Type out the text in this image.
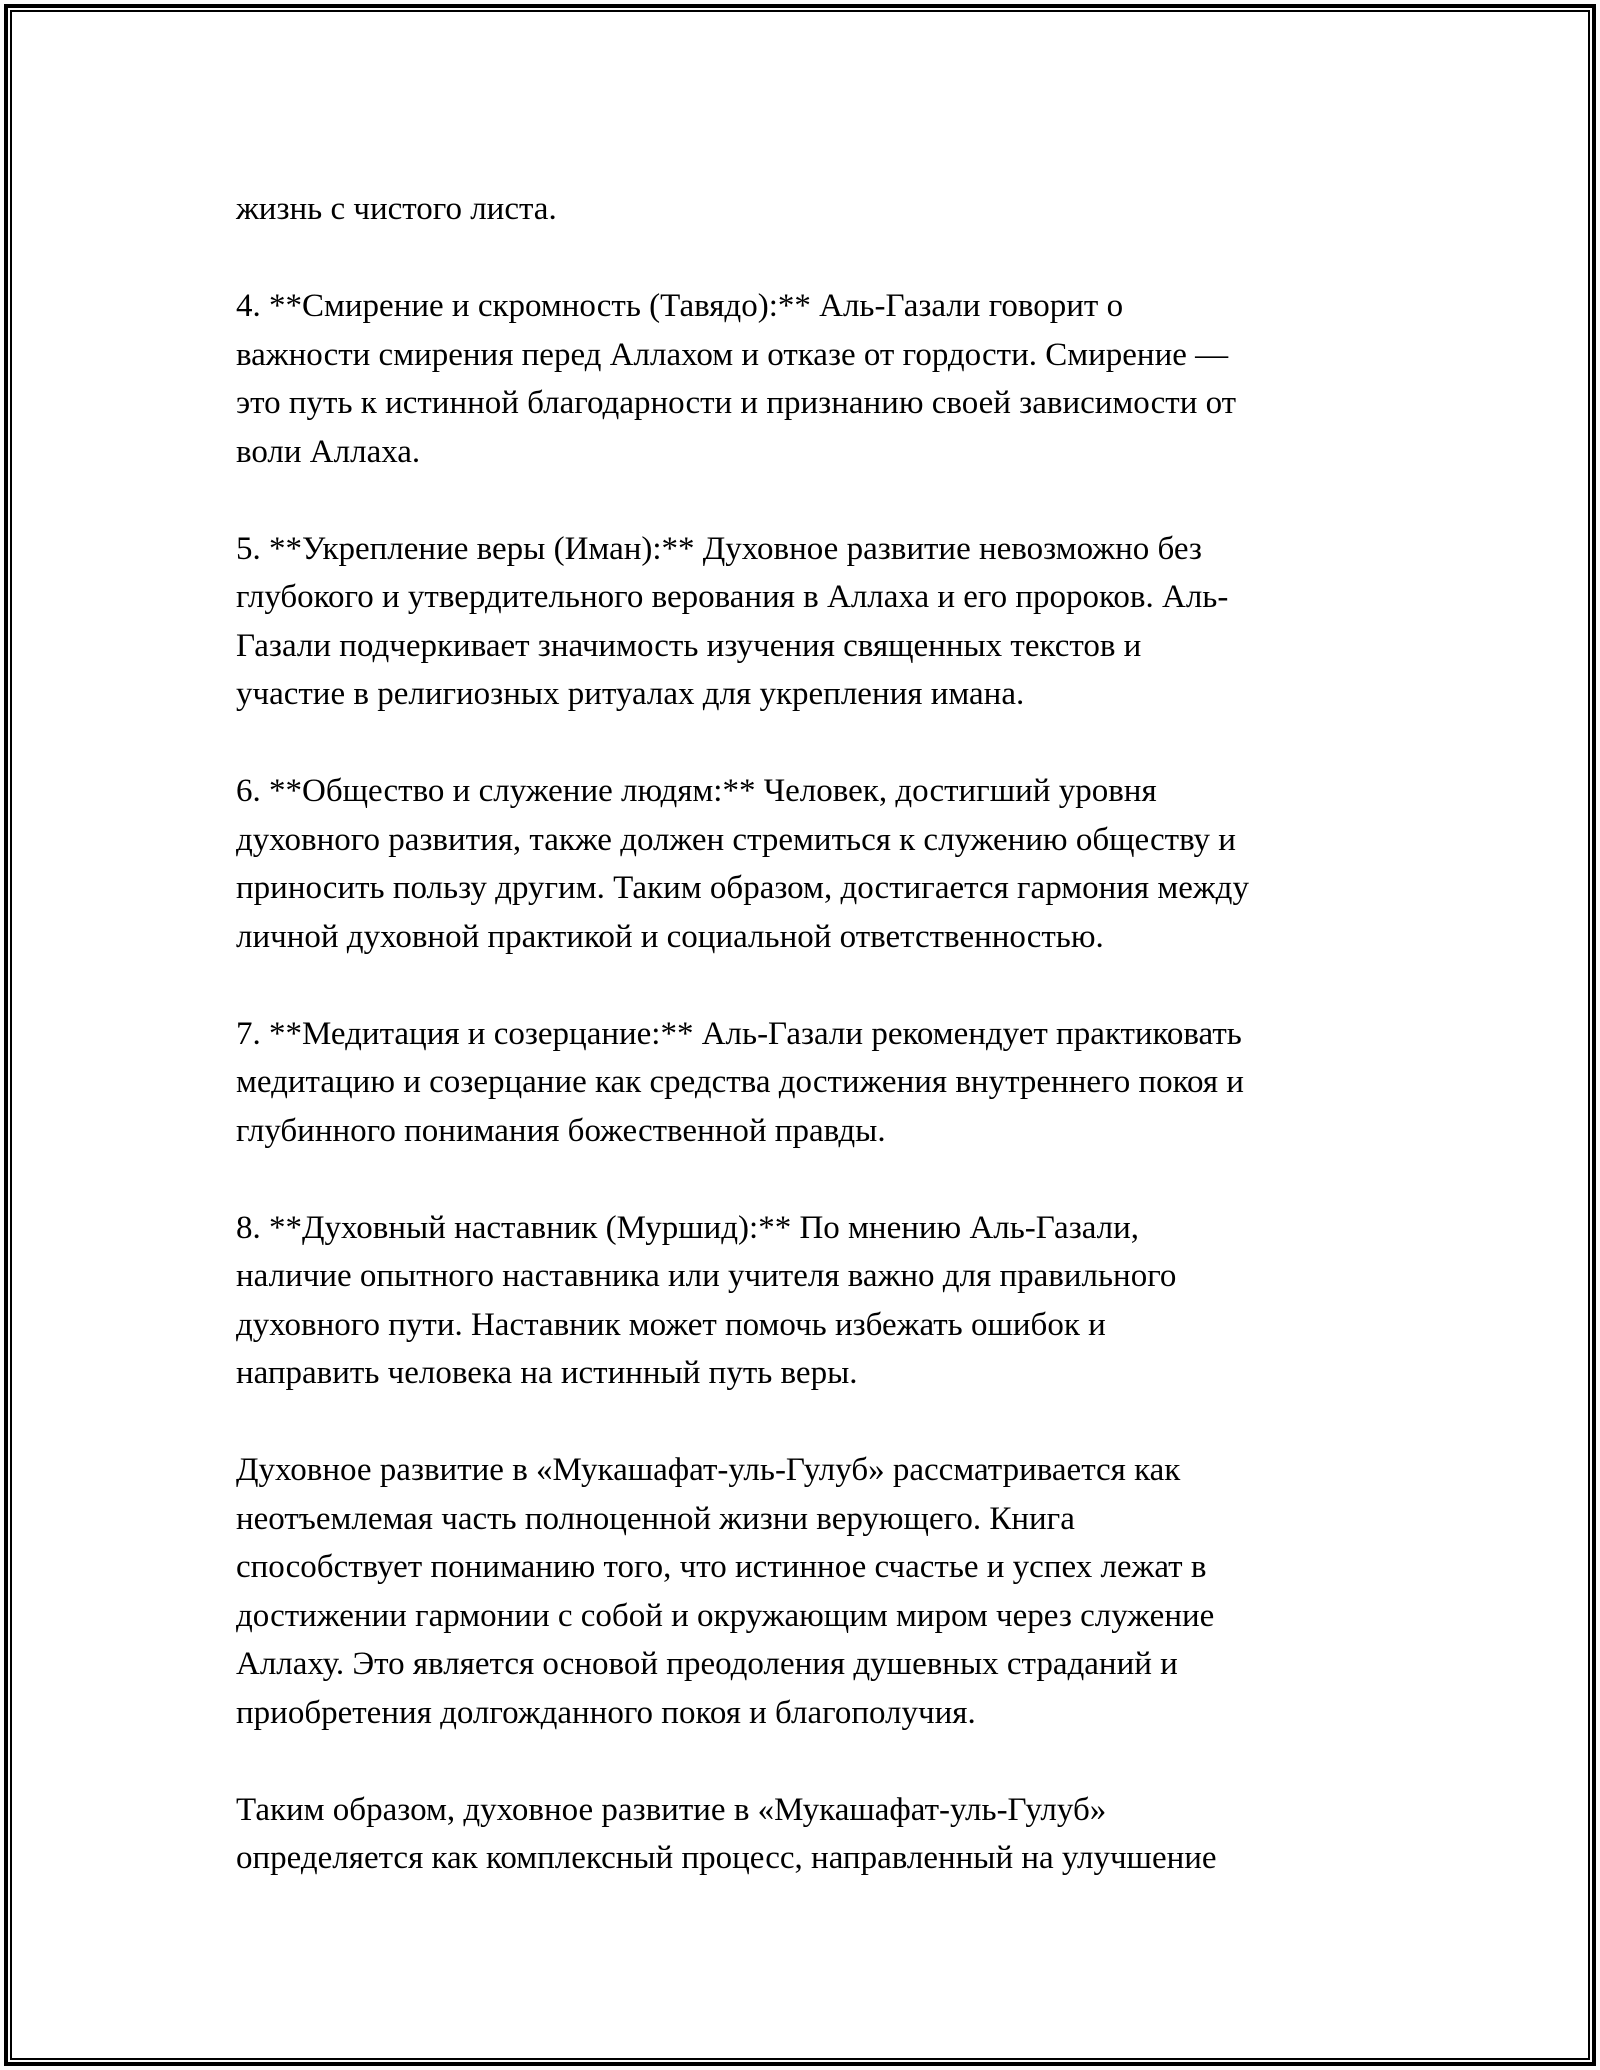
жизнь с чистого листа.

4. **Смирение и скромность (Тавядо):** Аль-Газали говорит о
важности смирения перед Аллахом и отказе от гордости. Смирение —
это путь к истинной благодарности и признанию своей зависимости от
воли Аллаха.

5. **Укрепление веры (Иман):** Духовное развитие невозможно без
глубокого и утвердительного верования в Аллаха и его пророков. Аль-
Газали подчеркивает значимость изучения священных текстов и
участие в религиозных ритуалах для укрепления имана.

6. **Общество и служение людям:** Человек, достигший уровня
духовного развития, также должен стремиться к служению обществу и
приносить пользу другим. Таким образом, достигается гармония между
личной духовной практикой и социальной ответственностью.

7. **Медитация и созерцание:** Аль-Газали рекомендует практиковать
медитацию и созерцание как средства достижения внутреннего покоя и
глубинного понимания божественной правды.

8. **Духовный наставник (Муршид):** По мнению Аль-Газали,
наличие опытного наставника или учителя важно для правильного
духовного пути. Наставник может помочь избежать ошибок и
направить человека на истинный путь веры.

Духовное развитие в «Мукашафат-уль-Гулуб» рассматривается как
неотъемлемая часть полноценной жизни верующего. Книга
способствует пониманию того, что истинное счастье и успех лежат в
достижении гармонии с собой и окружающим миром через служение
Аллаху. Это является основой преодоления душевных страданий и
приобретения долгожданного покоя и благополучия.

Таким образом, духовное развитие в «Мукашафат-уль-Гулуб»
определяется как комплексный процесс, направленный на улучшение
